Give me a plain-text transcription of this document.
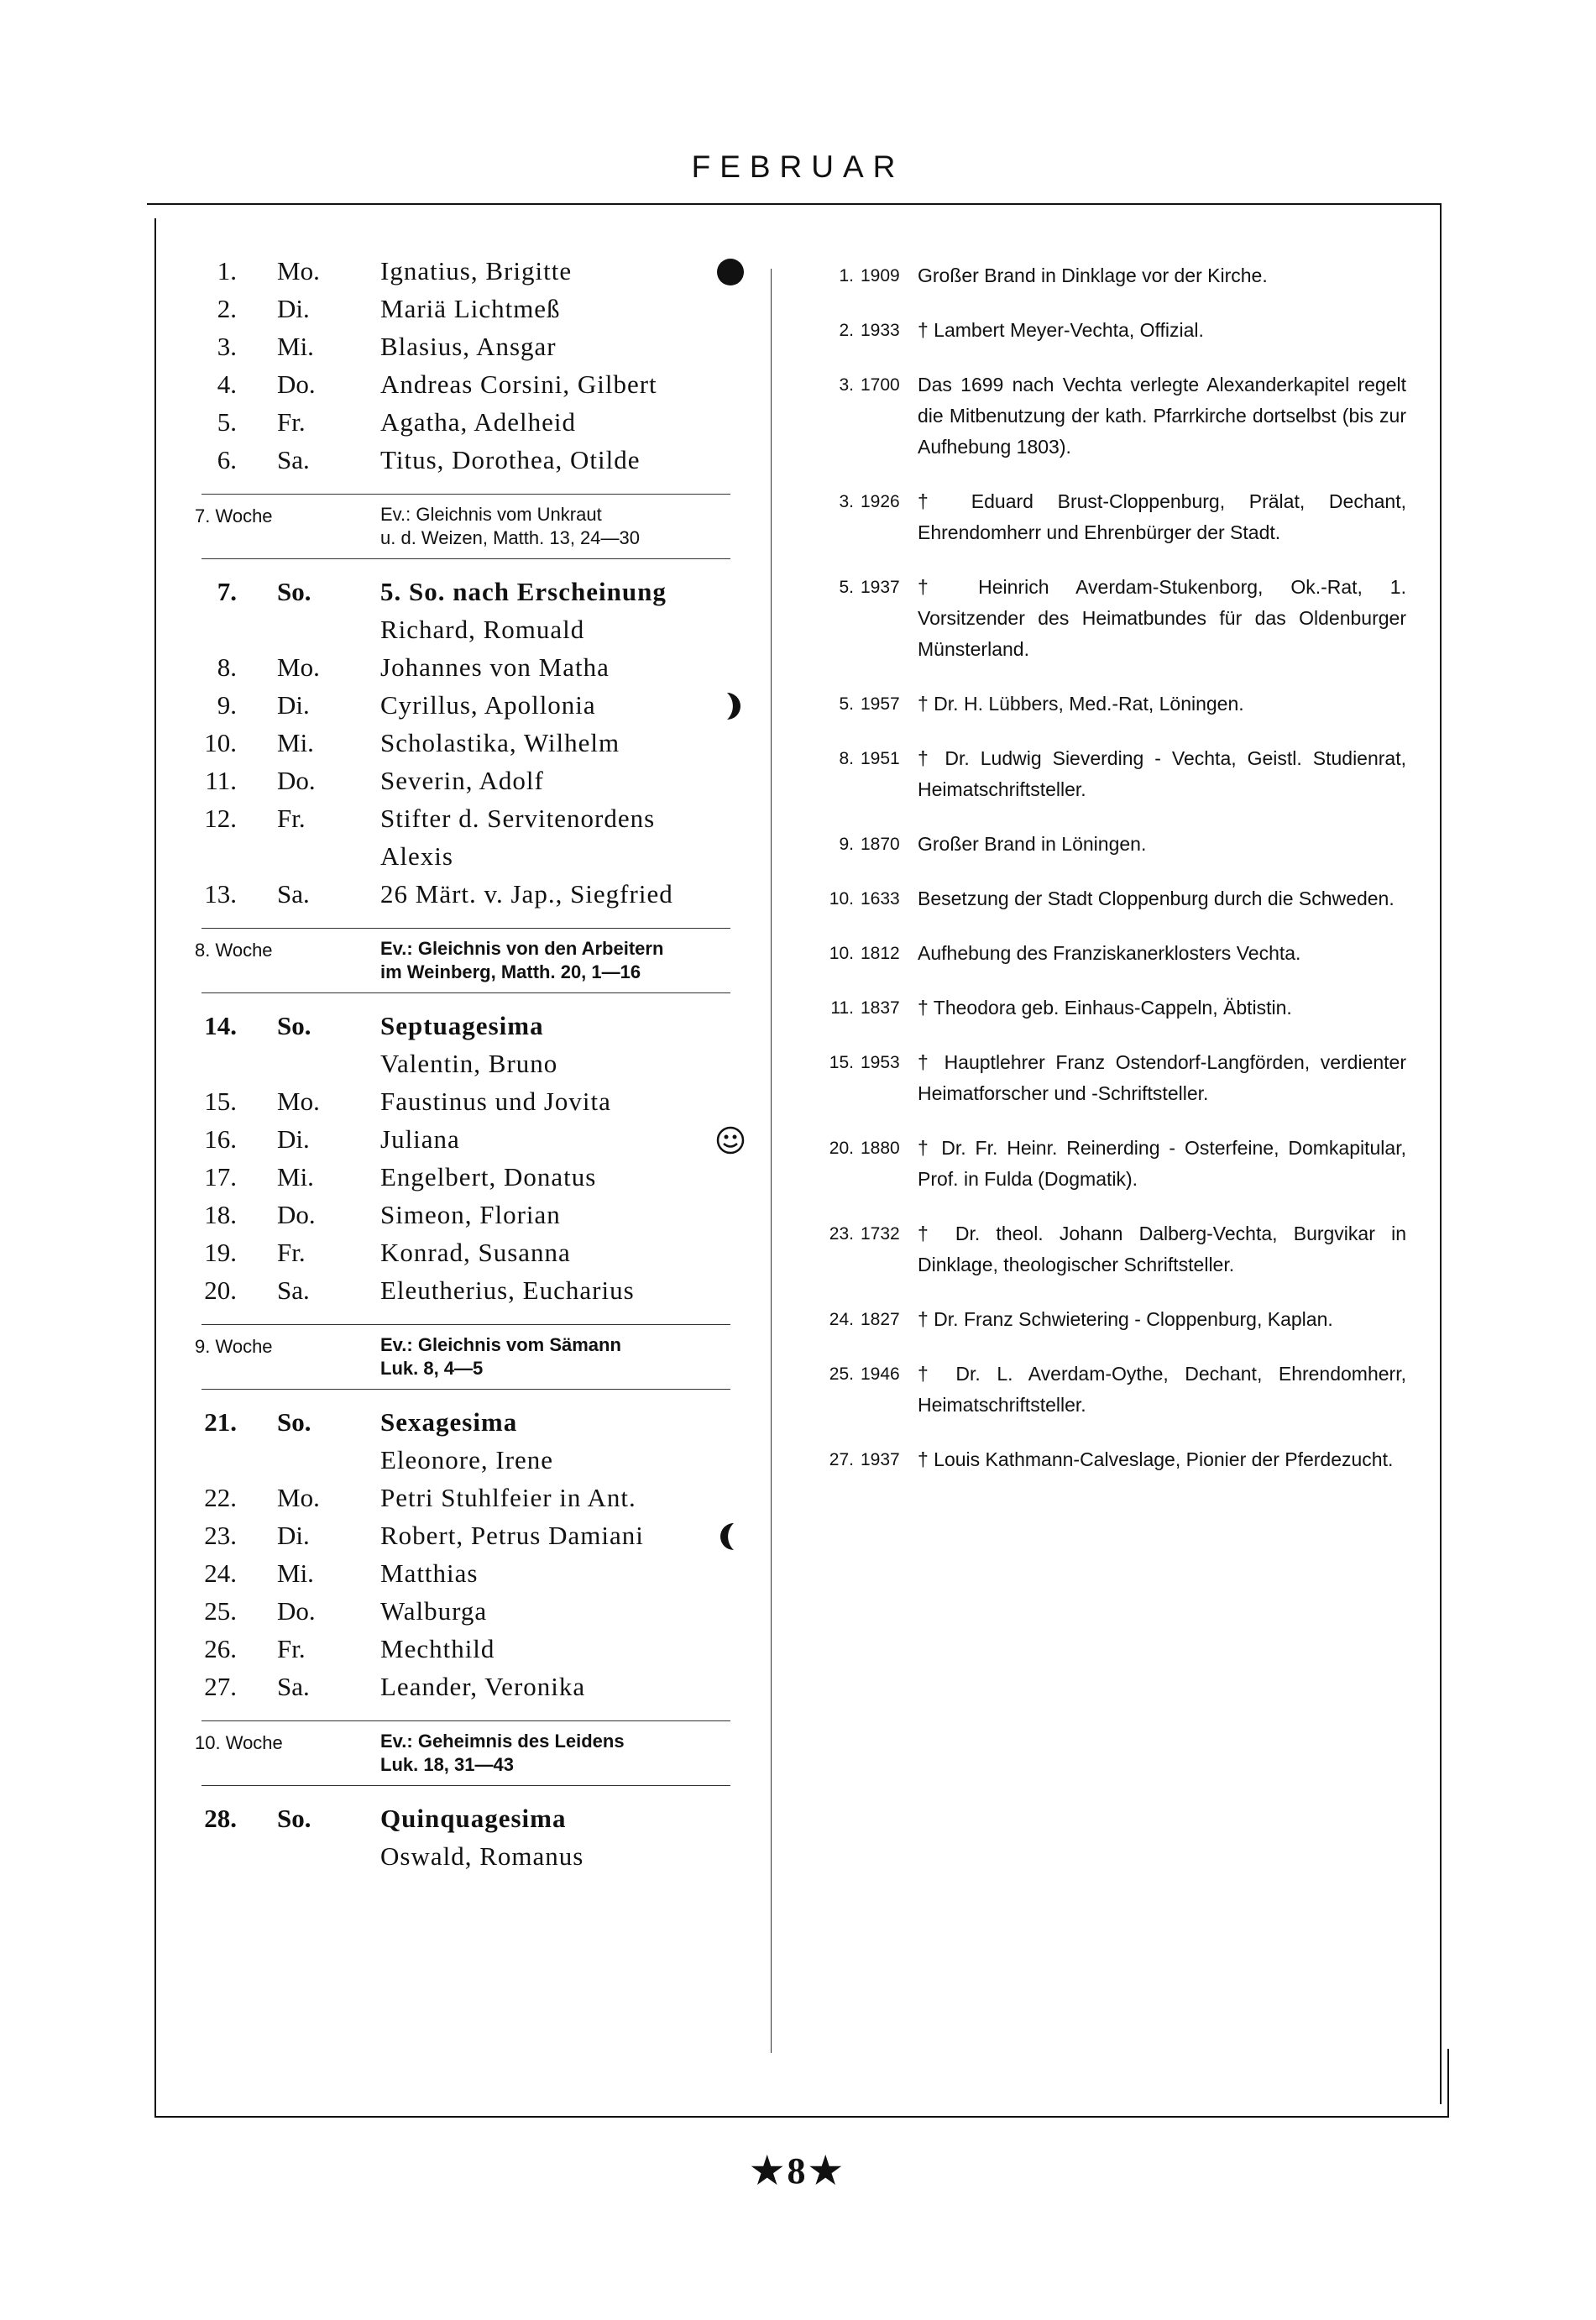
FEBRUAR
1. Mo. Ignatius, Brigitte
2. Di.	Mariä Lichtmeß
3. Mi.	Blasius, Ansgar
4. Do. Andreas Corsini, Gilbert
5. Fr.	Agatha, Adelheid
6. Sa.	Titus, Dorothea, Otilde
7. Woche	Ev.: Gleichnis vom Unkraut
u. d. Weizen, Matth. 13, 24—30
7. So.	5. So. nach Erscheinung
Richard, Romuald
8. Mo. Johannes von Matha
9. Di.	Cyrillus, Apollonia
10. Mi.	Scholastika, Wilhelm
11. Do. Severin, Adolf
12. Fr.	Stifter d. Servitenordens
Alexis
13. Sa.	26 Märt. v. Jap., Siegfried
8. Woche	Ev.: Gleichnis von den Arbeitern
im Weinberg, Matth. 20, 1—16
14. So.	Septuagesima
Valentin, Bruno
15. Mo. Faustinus und Jovita
16. Di.	Juliana
17. Mi.	Engelbert, Donatus
18. Do. Simeon, Florian
19. Fr.	Konrad, Susanna
20. Sa.	Eleutherius, Eucharius
9. Woche	Ev.: Gleichnis vom Sämann
Luk. 8, 4—5
21. So.	Sexagesima
Eleonore, Irene
22. Mo. Petri Stuhlfeier in Ant.
23. Di.	Robert, Petrus Damiani
24. Mi.	Matthias
25. Do. Walburga
26. Fr.	Mechthild
27. Sa.	Leander, Veronika
10. Woche	Ev.: Geheimnis des Leidens
Luk. 18, 31—43
28. So.	Quinquagesima
Oswald, Romanus
1. 1909 Großer Brand in Dinklage vor der Kirche.
2. 1933 † Lambert Meyer-Vechta, Offizial.
3. 1700 Das 1699 nach Vechta verlegte Alexanderkapitel regelt die Mitbenutzung der kath. Pfarrkirche dortselbst (bis zur Aufhebung 1803).
3. 1926 † Eduard Brust-Cloppenburg, Prälat, Dechant, Ehrendomherr und Ehrenbürger der Stadt.
5. 1937 † Heinrich Averdam-Stukenborg, Ok.-Rat, 1. Vorsitzender des Heimatbundes für das Oldenburger Münsterland.
5. 1957 † Dr. H. Lübbers, Med.-Rat, Löningen.
8. 1951 † Dr. Ludwig Sieverding - Vechta, Geistl. Studienrat, Heimatschriftsteller.
9. 1870 Großer Brand in Löningen.
10. 1633 Besetzung der Stadt Cloppenburg durch die Schweden.
10. 1812 Aufhebung des Franziskanerklosters Vechta.
11. 1837 † Theodora geb. Einhaus-Cappeln, Äbtistin.
15. 1953 † Hauptlehrer Franz Ostendorf-Langförden, verdienter Heimatforscher und -Schriftsteller.
20. 1880 † Dr. Fr. Heinr. Reinerding - Osterfeine, Domkapitular, Prof. in Fulda (Dogmatik).
23. 1732 † Dr. theol. Johann Dalberg-Vechta, Burgvikar in Dinklage, theologischer Schriftsteller.
24. 1827 † Dr. Franz Schwietering - Cloppenburg, Kaplan.
25. 1946 † Dr. L. Averdam-Oythe, Dechant, Ehrendomherr, Heimatschriftsteller.
27. 1937 † Louis Kathmann-Calveslage, Pionier der Pferdezucht.
★8★
